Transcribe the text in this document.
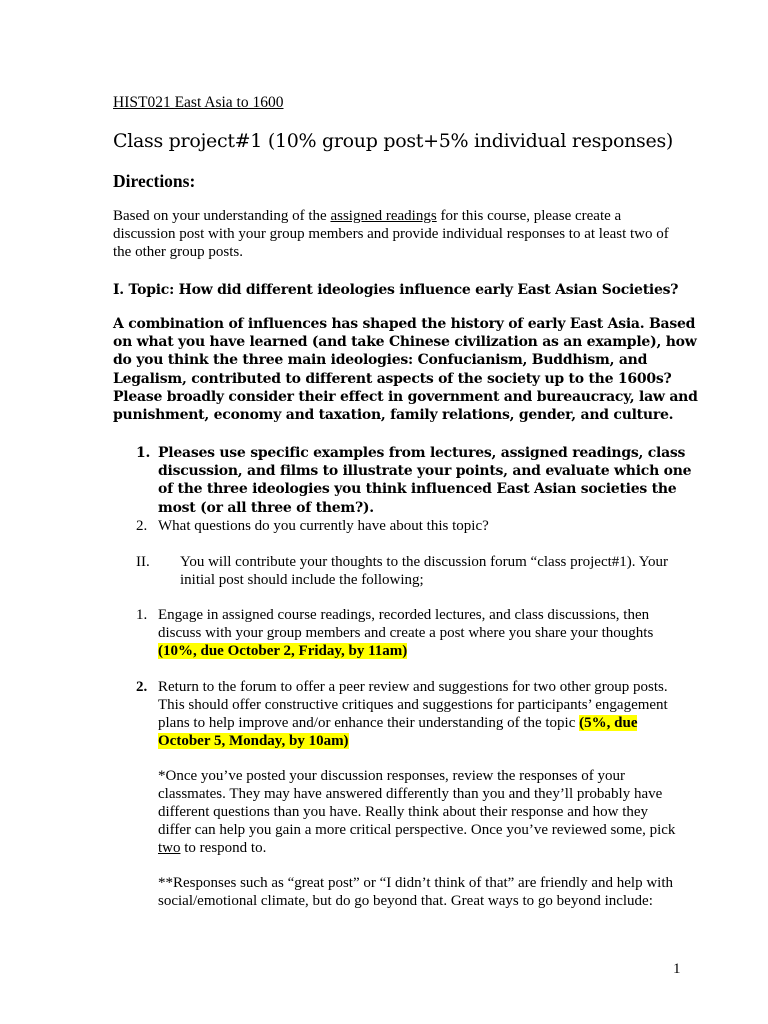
HIST021 East Asia to 1600
Class project#1 (10% group post+5% individual responses)
Directions:
Based on your understanding of the assigned readings for this course, please create a discussion post with your group members and provide individual responses to at least two of the other group posts.
I. Topic: How did different ideologies influence early East Asian Societies?
A combination of influences has shaped the history of early East Asia. Based on what you have learned (and take Chinese civilization as an example), how do you think the three main ideologies: Confucianism, Buddhism, and Legalism, contributed to different aspects of the society up to the 1600s? Please broadly consider their effect in government and bureaucracy, law and punishment, economy and taxation, family relations, gender, and culture.
1. Pleases use specific examples from lectures, assigned readings, class discussion, and films to illustrate your points, and evaluate which one of the three ideologies you think influenced East Asian societies the most (or all three of them?).
2. What questions do you currently have about this topic?
II. You will contribute your thoughts to the discussion forum “class project#1). Your initial post should include the following;
1. Engage in assigned course readings, recorded lectures, and class discussions, then discuss with your group members and create a post where you share your thoughts (10%, due October 2, Friday, by 11am)
2. Return to the forum to offer a peer review and suggestions for two other group posts. This should offer constructive critiques and suggestions for participants’ engagement plans to help improve and/or enhance their understanding of the topic (5%, due October 5, Monday, by 10am)
*Once you’ve posted your discussion responses, review the responses of your classmates. They may have answered differently than you and they’ll probably have different questions than you have. Really think about their response and how they differ can help you gain a more critical perspective. Once you’ve reviewed some, pick two to respond to.
**Responses such as “great post” or “I didn’t think of that” are friendly and help with social/emotional climate, but do go beyond that. Great ways to go beyond include:
1
